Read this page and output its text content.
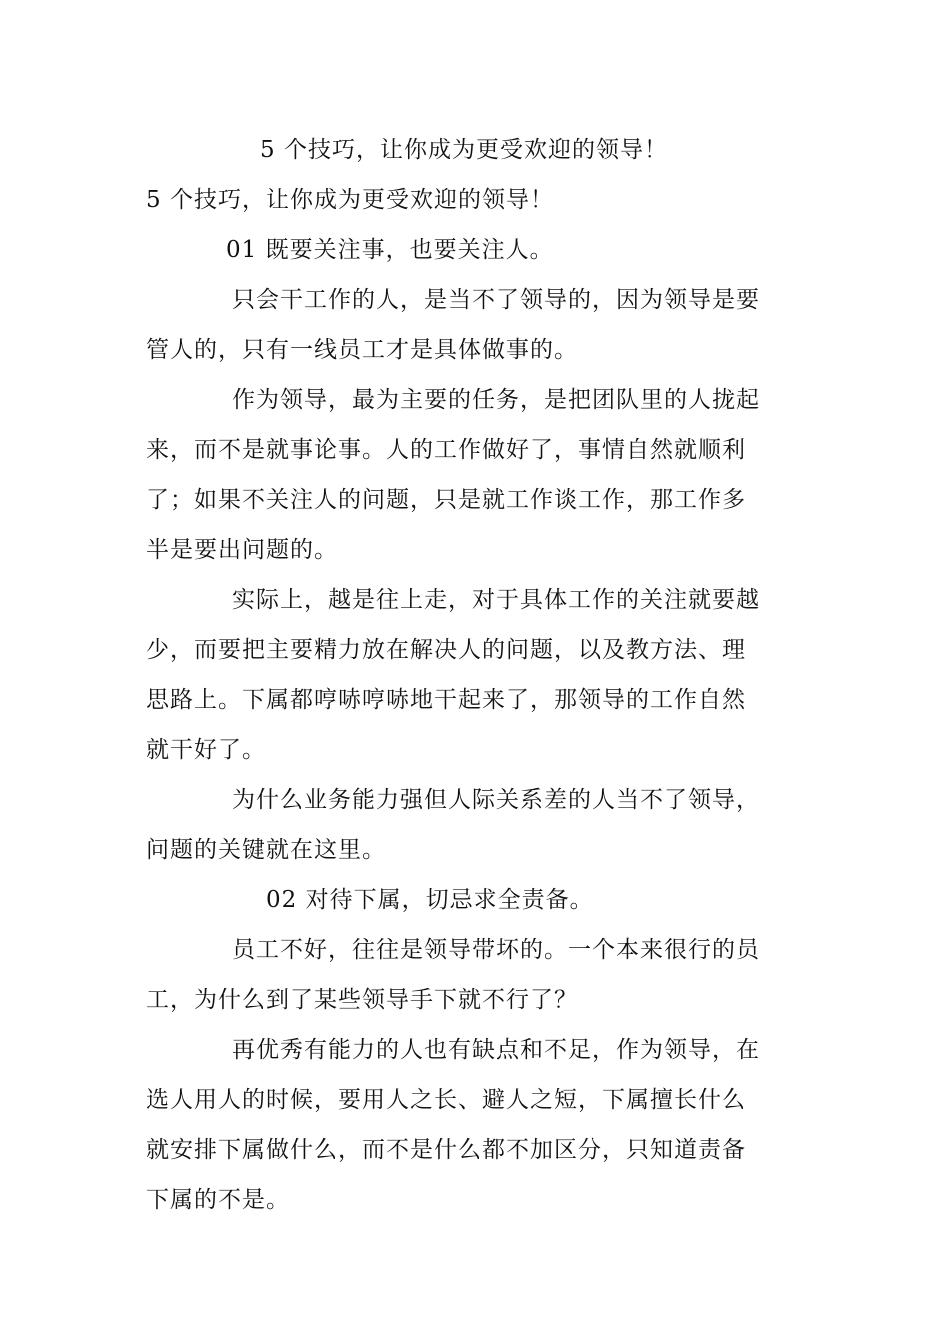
5 个技巧，让你成为更受欢迎的领导！
5 个技巧，让你成为更受欢迎的领导！
01 既要关注事，也要关注人。
只会干工作的人，是当不了领导的，因为领导是要
管人的，只有一线员工才是具体做事的。
作为领导，最为主要的任务，是把团队里的人拢起
来，而不是就事论事。人的工作做好了，事情自然就顺利
了；如果不关注人的问题，只是就工作谈工作，那工作多
半是要出问题的。
实际上，越是往上走，对于具体工作的关注就要越
少，而要把主要精力放在解决人的问题，以及教方法、理
思路上。下属都哼哧哼哧地干起来了，那领导的工作自然
就干好了。
为什么业务能力强但人际关系差的人当不了领导，
问题的关键就在这里。
02 对待下属，切忌求全责备。
员工不好，往往是领导带坏的。一个本来很行的员
工，为什么到了某些领导手下就不行了？
再优秀有能力的人也有缺点和不足，作为领导，在
选人用人的时候，要用人之长、避人之短，下属擅长什么
就安排下属做什么，而不是什么都不加区分，只知道责备
下属的不是。
